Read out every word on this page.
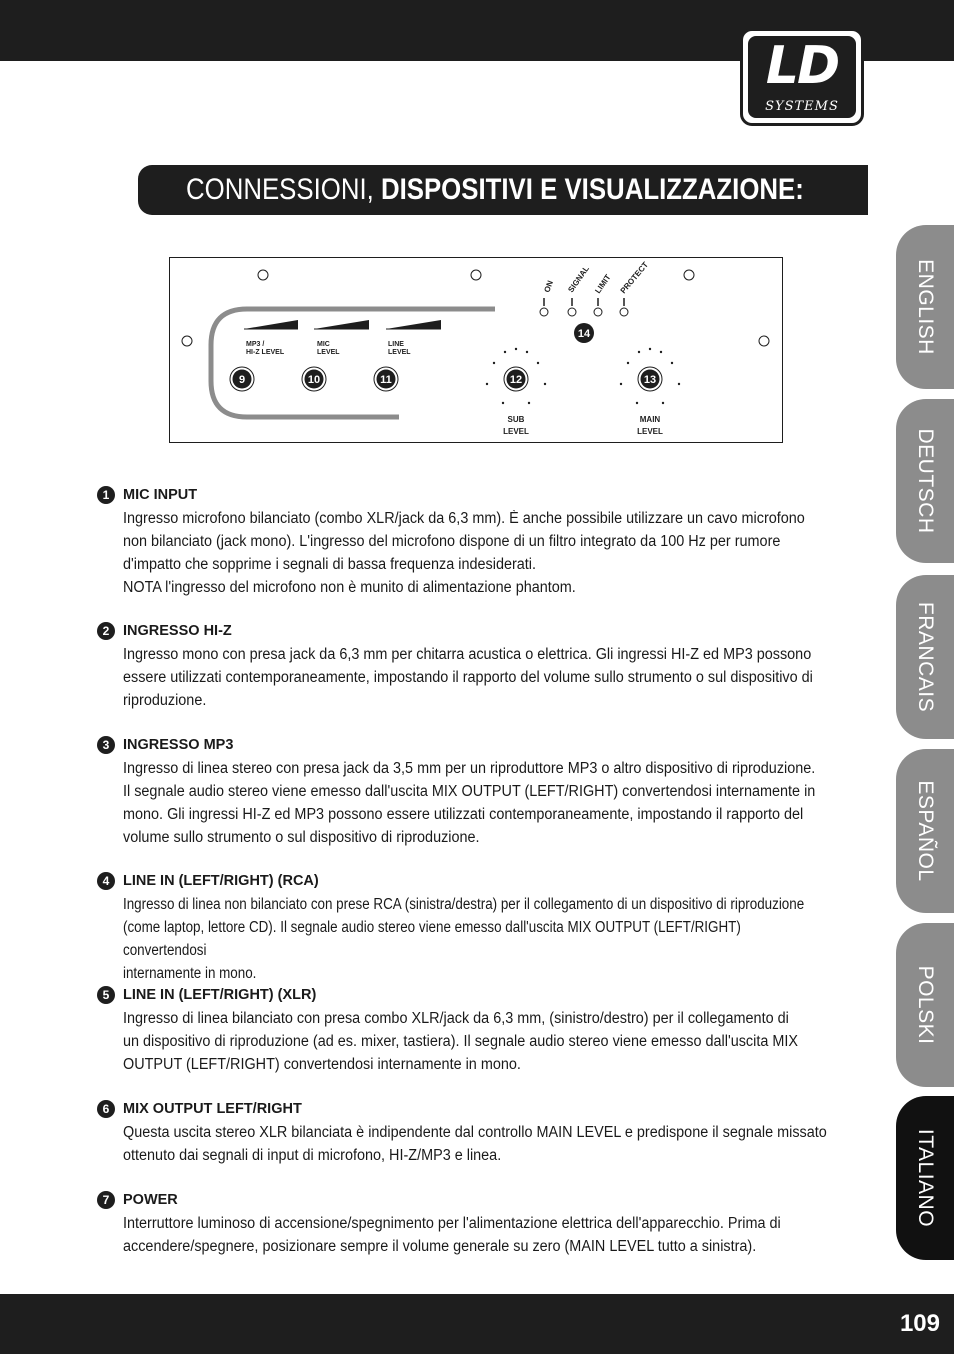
LD
SYSTEMS
CONNESSIONI, DISPOSITIVI E VISUALIZZAZIONE:
ENGLISH
DEUTSCH
FRANCAIS
ESPAÑOL
POLSKI
ITALIANO
MP3 /
HI-Z LEVEL
MIC
LEVEL
LINE
LEVEL
9	10	11
ON SIGNAL LIMIT PROTECT
14
12
SUB
LEVEL
13
MAIN
LEVEL
1 MIC INPUT

Ingresso microfono bilanciato (combo XLR/jack da 6,3 mm). È anche possibile utilizzare un cavo microfono

non bilanciato (jack mono). L'ingresso del microfono dispone di un filtro integrato da 100 Hz per rumore

d'impatto che sopprime i segnali di bassa frequenza indesiderati.

NOTA l'ingresso del microfono non è munito di alimentazione phantom.

2 INGRESSO HI-Z

Ingresso mono con presa jack da 6,3 mm per chitarra acustica o elettrica. Gli ingressi HI-Z ed MP3 possono

essere utilizzati contemporaneamente, impostando il rapporto del volume sullo strumento o sul dispositivo di

riproduzione.

3 INGRESSO MP3

Ingresso di linea stereo con presa jack da 3,5 mm per un riproduttore MP3 o altro dispositivo di riproduzione.

Il segnale audio stereo viene emesso dall'uscita MIX OUTPUT (LEFT/RIGHT) convertendosi internamente in

mono. Gli ingressi HI-Z ed MP3 possono essere utilizzati contemporaneamente, impostando il rapporto del

volume sullo strumento o sul dispositivo di riproduzione.

4 LINE IN (LEFT/RIGHT) (RCA)

Ingresso di linea non bilanciato con prese RCA (sinistra/destra) per il collegamento di un dispositivo di riproduzione

(come laptop, lettore CD). Il segnale audio stereo viene emesso dall'uscita MIX OUTPUT (LEFT/RIGHT) convertendosi

internamente in mono.

5 LINE IN (LEFT/RIGHT) (XLR)

Ingresso di linea bilanciato con presa combo XLR/jack da 6,3 mm, (sinistro/destro) per il collegamento di

un dispositivo di riproduzione (ad es. mixer, tastiera). Il segnale audio stereo viene emesso dall'uscita MIX

OUTPUT (LEFT/RIGHT) convertendosi internamente in mono.

6 MIX OUTPUT LEFT/RIGHT

Questa uscita stereo XLR bilanciata è indipendente dal controllo MAIN LEVEL e predispone il segnale missato

ottenuto dai segnali di input di microfono, HI-Z/MP3 e linea.

7 POWER

Interruttore luminoso di accensione/spegnimento per l'alimentazione elettrica dell'apparecchio. Prima di

accendere/spegnere, posizionare sempre il volume generale su zero (MAIN LEVEL tutto a sinistra).

109
